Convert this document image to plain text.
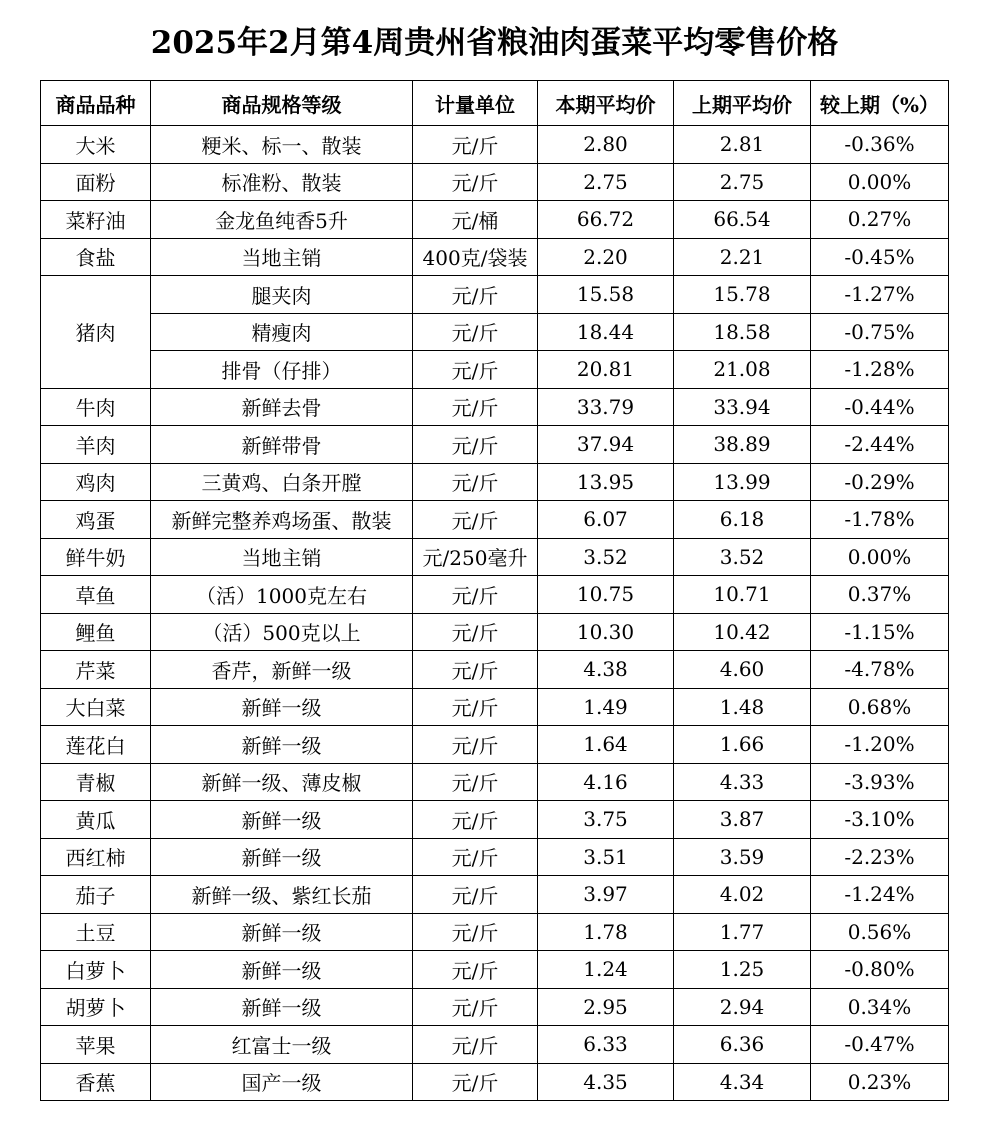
2025年2月第4周贵州省粮油肉蛋菜平均零售价格
商品品种	商品规格等级	计量单位	本期平均价	上期平均价	较上期（%）
大米	粳米、标一、散装	元/斤	2.80	2.81	-0.36%
面粉	标准粉、散装	元/斤	2.75	2.75	0.00%
菜籽油	金龙鱼纯香5升	元/桶	66.72	66.54	0.27%
食盐	当地主销	400克/袋装	2.20	2.21	-0.45%
猪肉	腿夹肉	元/斤	15.58	15.78	-1.27%
	精瘦肉	元/斤	18.44	18.58	-0.75%
	排骨（仔排）	元/斤	20.81	21.08	-1.28%
牛肉	新鲜去骨	元/斤	33.79	33.94	-0.44%
羊肉	新鲜带骨	元/斤	37.94	38.89	-2.44%
鸡肉	三黄鸡、白条开膛	元/斤	13.95	13.99	-0.29%
鸡蛋	新鲜完整养鸡场蛋、散装	元/斤	6.07	6.18	-1.78%
鲜牛奶	当地主销	元/250毫升	3.52	3.52	0.00%
草鱼	（活）1000克左右	元/斤	10.75	10.71	0.37%
鲤鱼	（活）500克以上	元/斤	10.30	10.42	-1.15%
芹菜	香芹，新鲜一级	元/斤	4.38	4.60	-4.78%
大白菜	新鲜一级	元/斤	1.49	1.48	0.68%
莲花白	新鲜一级	元/斤	1.64	1.66	-1.20%
青椒	新鲜一级、薄皮椒	元/斤	4.16	4.33	-3.93%
黄瓜	新鲜一级	元/斤	3.75	3.87	-3.10%
西红柿	新鲜一级	元/斤	3.51	3.59	-2.23%
茄子	新鲜一级、紫红长茄	元/斤	3.97	4.02	-1.24%
土豆	新鲜一级	元/斤	1.78	1.77	0.56%
白萝卜	新鲜一级	元/斤	1.24	1.25	-0.80%
胡萝卜	新鲜一级	元/斤	2.95	2.94	0.34%
苹果	红富士一级	元/斤	6.33	6.36	-0.47%
香蕉	国产一级	元/斤	4.35	4.34	0.23%
